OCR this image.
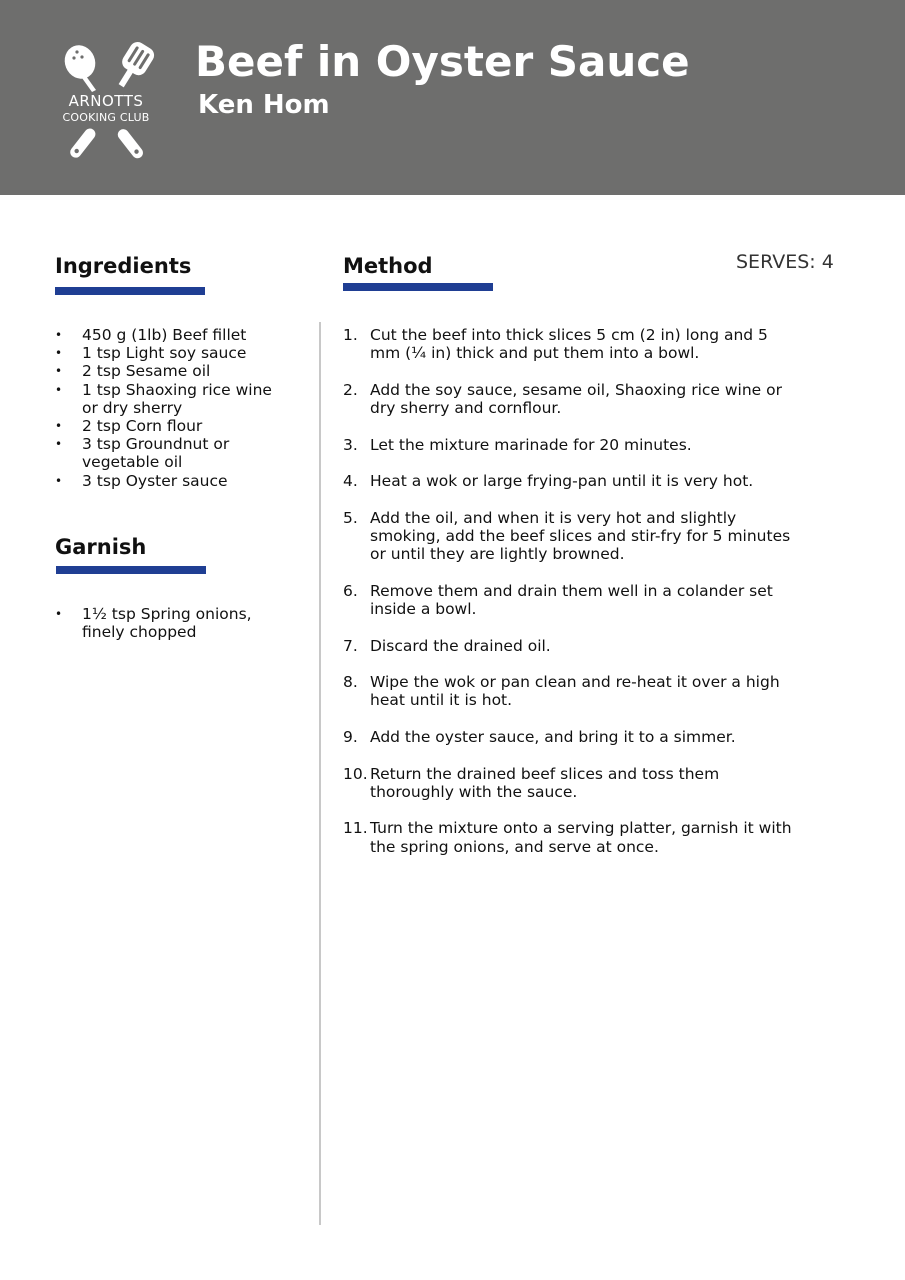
ARNOTTS
COOKING CLUB
Beef in Oyster Sauce
Ken Hom
Ingredients
• 450 g (1lb) Beef fillet
• 1 tsp Light soy sauce
• 2 tsp Sesame oil
• 1 tsp Shaoxing rice wine or dry sherry
• 2 tsp Corn flour
• 3 tsp Groundnut or vegetable oil
• 3 tsp Oyster sauce
Garnish
• 1½ tsp Spring onions, finely chopped
Method	SERVES: 4
1. Cut the beef into thick slices 5 cm (2 in) long and 5 mm (¼ in) thick and put them into a bowl.
2. Add the soy sauce, sesame oil, Shaoxing rice wine or dry sherry and cornflour.
3. Let the mixture marinade for 20 minutes.
4. Heat a wok or large frying-pan until it is very hot.
5. Add the oil, and when it is very hot and slightly smoking, add the beef slices and stir-fry for 5 minutes or until they are lightly browned.
6. Remove them and drain them well in a colander set inside a bowl.
7. Discard the drained oil.
8. Wipe the wok or pan clean and re-heat it over a high heat until it is hot.
9. Add the oyster sauce, and bring it to a simmer.
10. Return the drained beef slices and toss them thoroughly with the sauce.
11. Turn the mixture onto a serving platter, garnish it with the spring onions, and serve at once.
